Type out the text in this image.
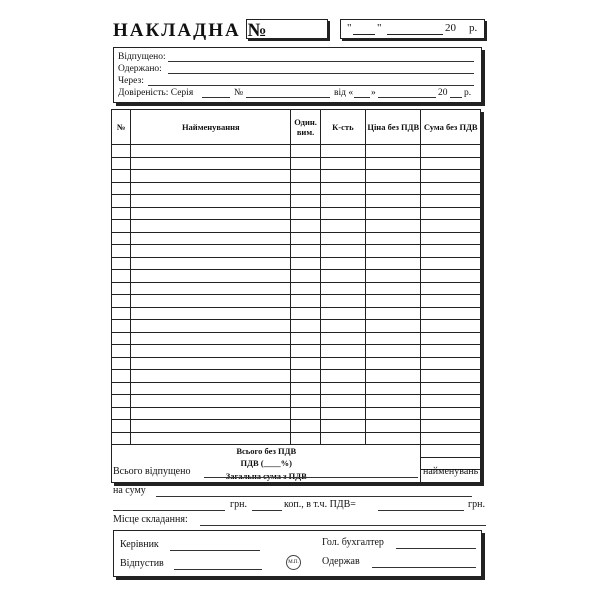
НАКЛАДНА №	" "	20 р.
Відпущено:
Одержано:
Через:
Довіреність: Серія	№	від « »	20 р.
№	Найменування	Один. вим.	К-сть	Ціна без ПДВ	Сума без ПДВ

Всього без ПДВ					
ПДВ (____%)					
Загальна сума з ПДВ					
Всього відпущено	найменувань
на суму
грн.	коп., в т.ч. ПДВ=	грн.
Місце складання:
Керівник	Гол. бухгалтер
Відпустив	М.П. Одержав
